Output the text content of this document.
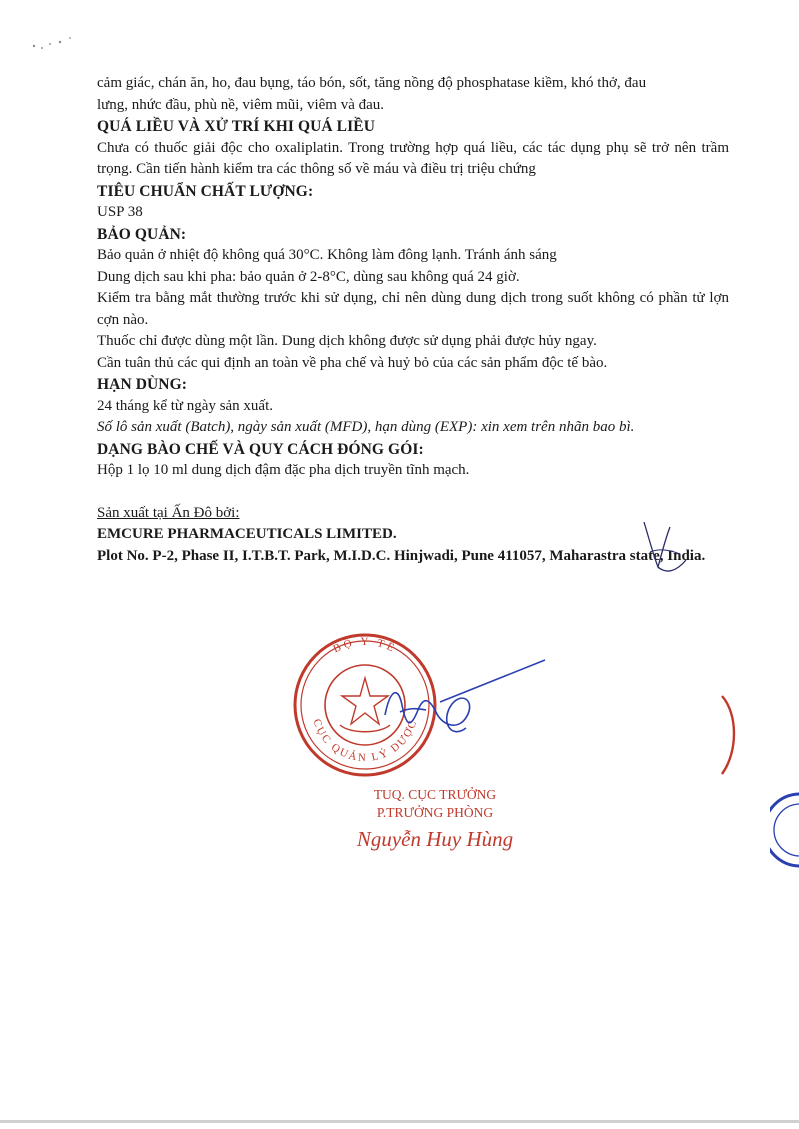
cảm giác, chán ăn, ho, đau bụng, táo bón, sốt, tăng nồng độ phosphatase kiềm, khó thở, đau

lưng, nhức đầu, phù nề, viêm mũi, viêm và đau.

QUÁ LIỀU VÀ XỬ TRÍ KHI QUÁ LIỀU

Chưa có thuốc giải độc cho oxaliplatin. Trong trường hợp quá liều, các tác dụng phụ sẽ trở nên trầm trọng. Cần tiến hành kiểm tra các thông số về máu và điều trị triệu chứng

TIÊU CHUẨN CHẤT LƯỢNG:

USP 38

BẢO QUẢN:

Bảo quản ở nhiệt độ không quá 30°C. Không làm đông lạnh. Tránh ánh sáng

Dung dịch sau khi pha: bảo quản ở 2-8°C, dùng sau không quá 24 giờ.

Kiểm tra bằng mắt thường trước khi sử dụng, chỉ nên dùng dung dịch trong suốt không có phần tử lợn cợn nào.

Thuốc chỉ được dùng một lần. Dung dịch không được sử dụng phải được hủy ngay.

Cần tuân thủ các qui định an toàn về pha chế và huỷ bỏ của các sản phẩm độc tế bào.

HẠN DÙNG:

24 tháng kể từ ngày sản xuất.

Số lô sản xuất (Batch), ngày sản xuất (MFD), hạn dùng (EXP): xin xem trên nhãn bao bì.

DẠNG BÀO CHẾ VÀ QUY CÁCH ĐÓNG GÓI:

Hộp 1 lọ 10 ml dung dịch đậm đặc pha dịch truyền tĩnh mạch.

Sản xuất tại Ấn Đô bởi:

EMCURE PHARMACEUTICALS LIMITED.

Plot No. P-2, Phase II, I.T.B.T. Park, M.I.D.C. Hinjwadi, Pune 411057, Maharastra state, India.

BỘ Y TẾ
CỤC QUẢN LÝ DƯỢC
TUQ. CỤC TRƯỞNG
P.TRƯỞNG PHÒNG
Nguyễn Huy Hùng
